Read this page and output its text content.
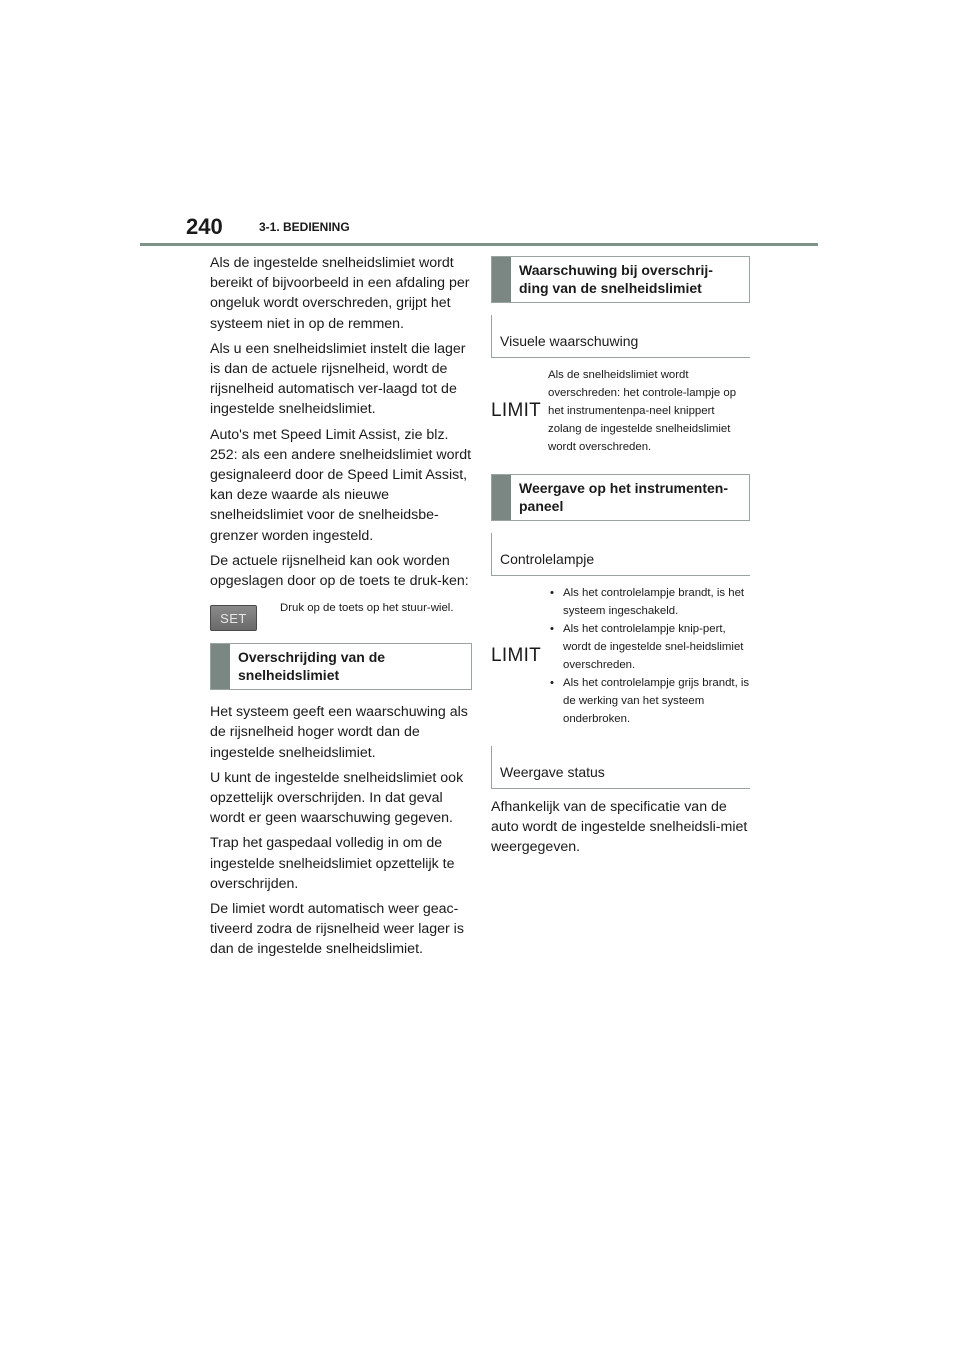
240	3-1. BEDIENING

Als de ingestelde snelheidslimiet wordt bereikt of bijvoorbeeld in een afdaling per ongeluk wordt overschreden, grijpt het systeem niet in op de remmen.

Als u een snelheidslimiet instelt die lager is dan de actuele rijsnelheid, wordt de rijsnelheid automatisch ver-laagd tot de ingestelde snelheidslimiet.

Auto's met Speed Limit Assist, zie blz. 252: als een andere snelheidslimiet wordt gesignaleerd door de Speed Limit Assist, kan deze waarde als nieuwe snelheidslimiet voor de snelheidsbe-grenzer worden ingesteld.

De actuele rijsnelheid kan ook worden opgeslagen door op de toets te druk-ken:

SET
Druk op de toets op het stuur-wiel.
Overschrijding van de snelheidslimiet

Het systeem geeft een waarschuwing als de rijsnelheid hoger wordt dan de ingestelde snelheidslimiet.

U kunt de ingestelde snelheidslimiet ook opzettelijk overschrijden. In dat geval wordt er geen waarschuwing gegeven.

Trap het gaspedaal volledig in om de ingestelde snelheidslimiet opzettelijk te overschrijden.

De limiet wordt automatisch weer geac-tiveerd zodra de rijsnelheid weer lager is dan de ingestelde snelheidslimiet.

Waarschuwing bij overschrij-ding van de snelheidslimiet
Visuele waarschuwing
LIMIT
Als de snelheidslimiet wordt overschreden: het controle-lampje op het instrumentenpa-neel knippert zolang de ingestelde snelheidslimiet wordt overschreden.
Weergave op het instrumenten-paneel
Controlelampje
LIMIT
• Als het controlelampje brandt, is het systeem ingeschakeld.
• Als het controlelampje knip-pert, wordt de ingestelde snel-heidslimiet overschreden.
• Als het controlelampje grijs brandt, is de werking van het systeem onderbroken.
Weergave status

Afhankelijk van de specificatie van de auto wordt de ingestelde snelheidsli-miet weergegeven.
